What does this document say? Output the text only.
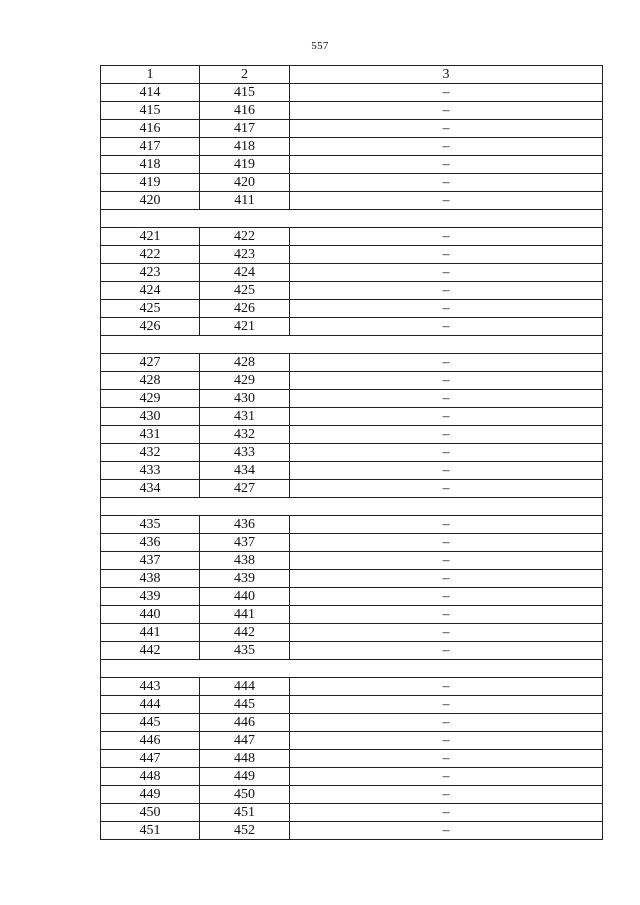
557
1	2	3
414	415	–
415	416	–
416	417	–
417	418	–
418	419	–
419	420	–
420	411	–

421	422	–
422	423	–
423	424	–
424	425	–
425	426	–
426	421	–

427	428	–
428	429	–
429	430	–
430	431	–
431	432	–
432	433	–
433	434	–
434	427	–

435	436	–
436	437	–
437	438	–
438	439	–
439	440	–
440	441	–
441	442	–
442	435	–

443	444	–
444	445	–
445	446	–
446	447	–
447	448	–
448	449	–
449	450	–
450	451	–
451	452	–
